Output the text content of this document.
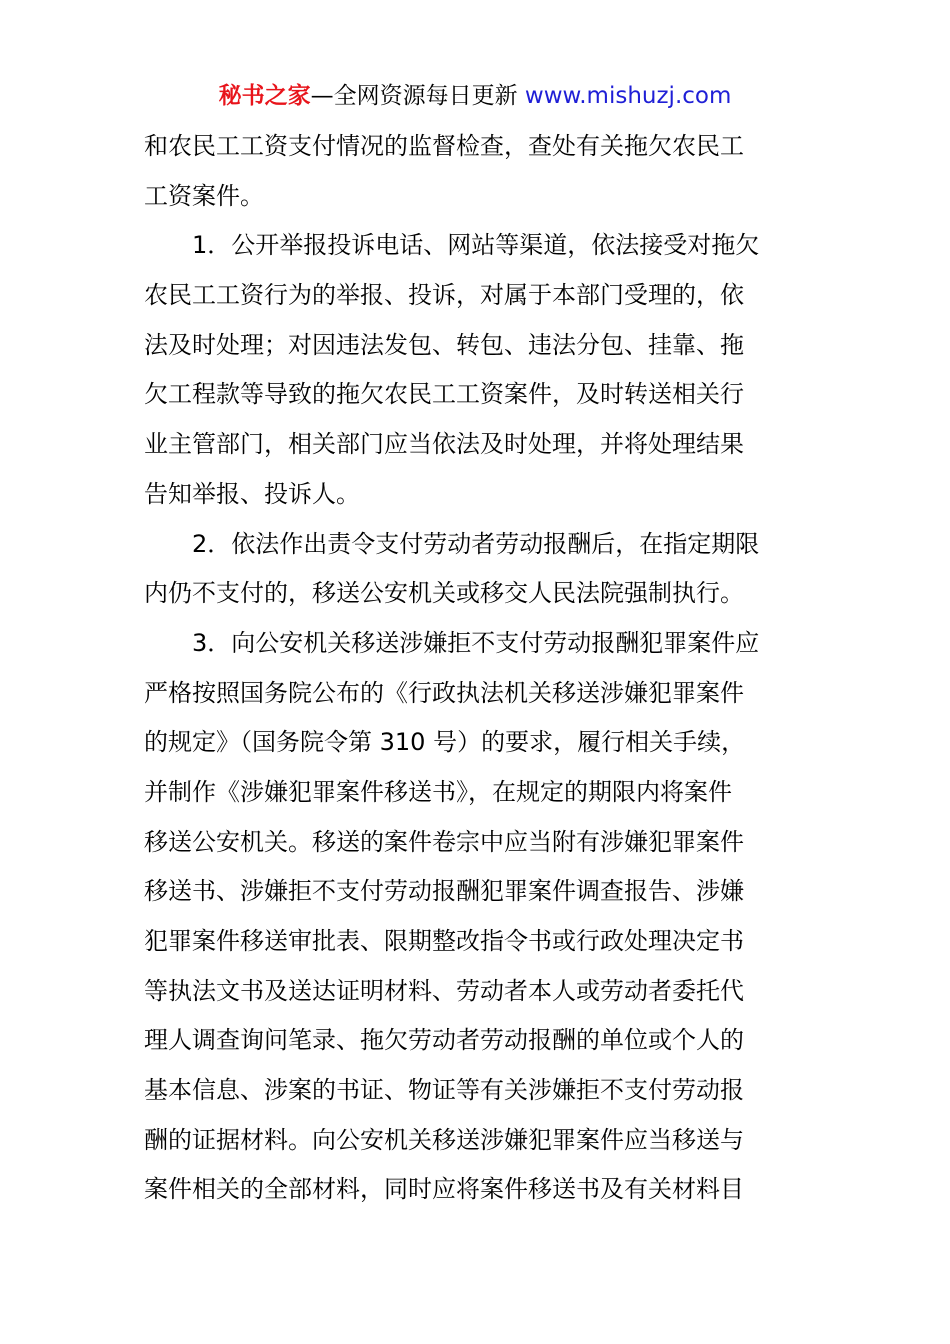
秘书之家—全网资源每日更新 www.mishuzj.com
和农民工工资支付情况的监督检查，查处有关拖欠农民工
工资案件。
　　1．公开举报投诉电话、网站等渠道，依法接受对拖欠
农民工工资行为的举报、投诉，对属于本部门受理的，依
法及时处理；对因违法发包、转包、违法分包、挂靠、拖
欠工程款等导致的拖欠农民工工资案件，及时转送相关行
业主管部门，相关部门应当依法及时处理，并将处理结果
告知举报、投诉人。
　　2．依法作出责令支付劳动者劳动报酬后，在指定期限
内仍不支付的，移送公安机关或移交人民法院强制执行。
　　3．向公安机关移送涉嫌拒不支付劳动报酬犯罪案件应
严格按照国务院公布的《行政执法机关移送涉嫌犯罪案件
的规定》（国务院令第 310 号）的要求，履行相关手续，
并制作《涉嫌犯罪案件移送书》，在规定的期限内将案件
移送公安机关。移送的案件卷宗中应当附有涉嫌犯罪案件
移送书、涉嫌拒不支付劳动报酬犯罪案件调查报告、涉嫌
犯罪案件移送审批表、限期整改指令书或行政处理决定书
等执法文书及送达证明材料、劳动者本人或劳动者委托代
理人调查询问笔录、拖欠劳动者劳动报酬的单位或个人的
基本信息、涉案的书证、物证等有关涉嫌拒不支付劳动报
酬的证据材料。向公安机关移送涉嫌犯罪案件应当移送与
案件相关的全部材料，同时应将案件移送书及有关材料目
